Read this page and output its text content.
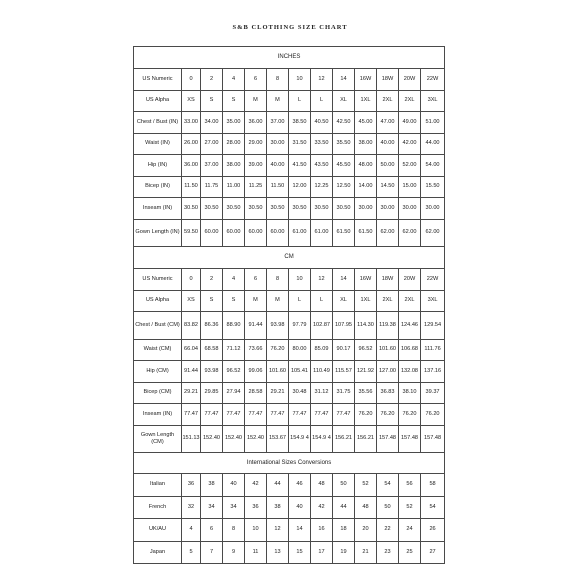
S&B CLOTHING SIZE CHART
INCHES												
US Numeric	0	2	4	6	8	10	12	14	16W	18W	20W	22W
US Alpha	XS	S	S	M	M	L	L	XL	1XL	2XL	2XL	3XL
Chest / Bust (IN)	33.00	34.00	35.00	36.00	37.00	38.50	40.50	42.50	45.00	47.00	49.00	51.00
Waist (IN)	26.00	27.00	28.00	29.00	30.00	31.50	33.50	35.50	38.00	40.00	42.00	44.00
Hip (IN)	36.00	37.00	38.00	39.00	40.00	41.50	43.50	45.50	48.00	50.00	52.00	54.00
Bicep (IN)	11.50	11.75	11.00	11.25	11.50	12.00	12.25	12.50	14.00	14.50	15.00	15.50
Inseam (IN)	30.50	30.50	30.50	30.50	30.50	30.50	30.50	30.50	30.00	30.00	30.00	30.00
Gown Length (IN)	59.50	60.00	60.00	60.00	60.00	61.00	61.00	61.50	61.50	62.00	62.00	62.00
CM												
US Numeric	0	2	4	6	8	10	12	14	16W	18W	20W	22W
US Alpha	XS	S	S	M	M	L	L	XL	1XL	2XL	2XL	3XL
Chest / Bust (CM)	83.82	86.36	88.90	91.44	93.98	97.79	102.87	107.95	114.30	119.38	124.46	129.54
Waist (CM)	66.04	68.58	71.12	73.66	76.20	80.00	85.09	90.17	96.52	101.60	106.68	111.76
Hip (CM)	91.44	93.98	96.52	99.06	101.60	105.41	110.49	115.57	121.92	127.00	132.08	137.16
Bicep (CM)	29.21	29.85	27.94	28.58	29.21	30.48	31.12	31.75	35.56	36.83	38.10	39.37
Inseam (IN)	77.47	77.47	77.47	77.47	77.47	77.47	77.47	77.47	76.20	76.20	76.20	76.20
Gown Length (CM)	151.13	152.40	152.40	152.40	153.67	154.9 4	154.9 4	156.21	156.21	157.48	157.48	157.48
International Sizes Conversions												
Italian	36	38	40	42	44	46	48	50	52	54	56	58
French	32	34	34	36	38	40	42	44	48	50	52	54
UK/AU	4	6	8	10	12	14	16	18	20	22	24	26
Japan	5	7	9	11	13	15	17	19	21	23	25	27
